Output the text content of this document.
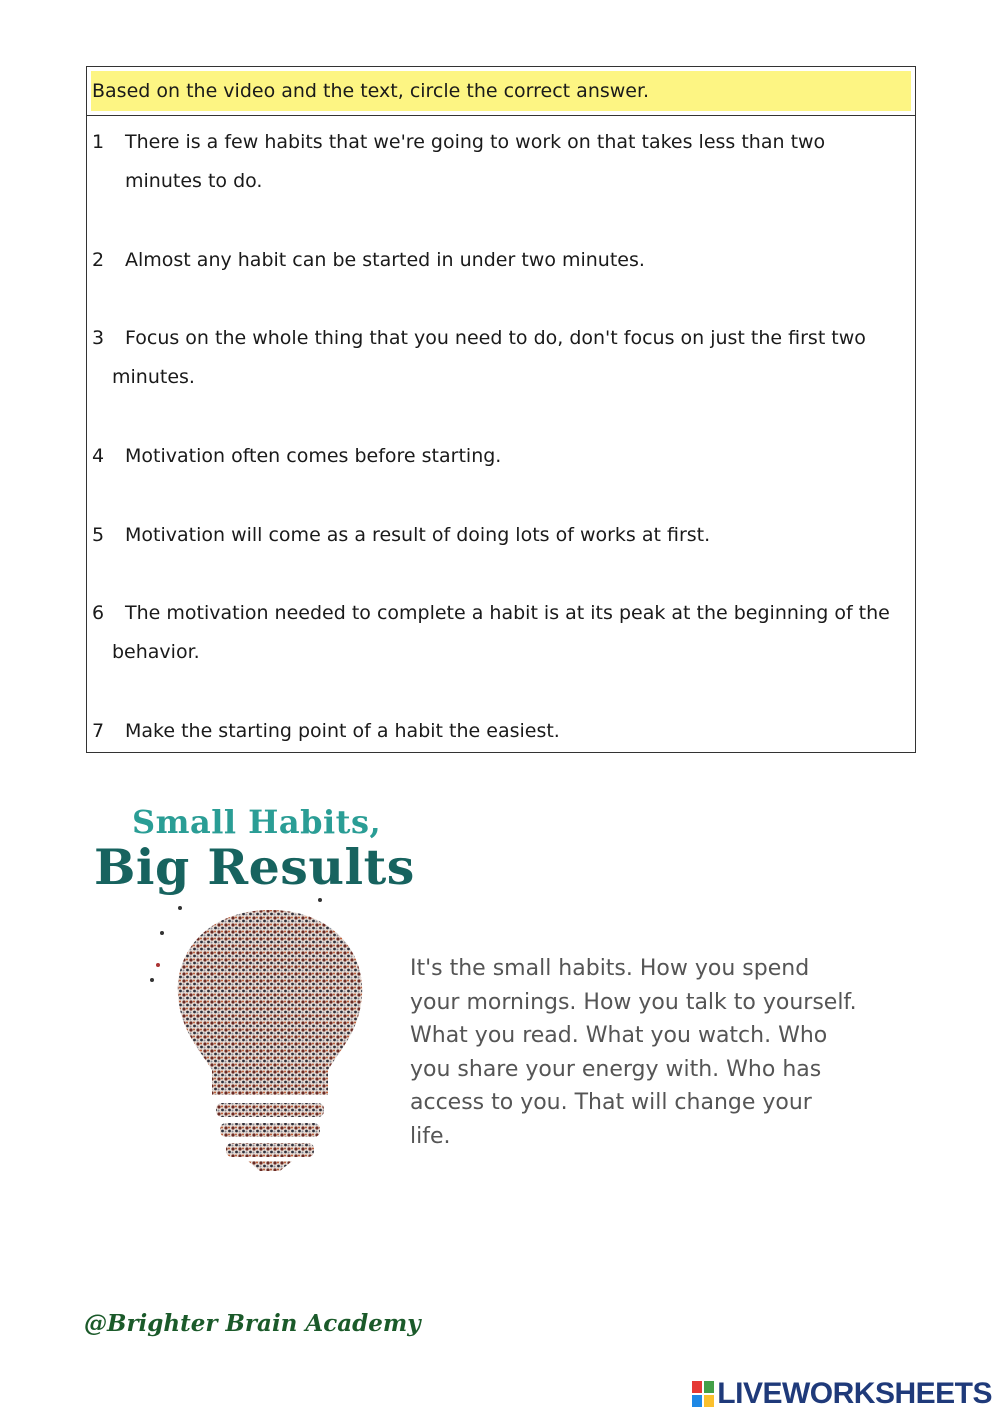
Based on the video and the text, circle the correct answer.
1 There is a few habits that we're going to work on that takes less than two
minutes to do.
2 Almost any habit can be started in under two minutes.
3 Focus on the whole thing that you need to do, don't focus on just the first two
minutes.
4 Motivation often comes before starting.
5 Motivation will come as a result of doing lots of works at first.
6 The motivation needed to complete a habit is at its peak at the beginning of the
behavior.
7 Make the starting point of a habit the easiest.
Small Habits,
Big Results
It's the small habits. How you spend
your mornings. How you talk to yourself.
What you read. What you watch. Who
you share your energy with. Who has
access to you. That will change your
life.
@Brighter Brain Academy
LIVEWORKSHEETS
